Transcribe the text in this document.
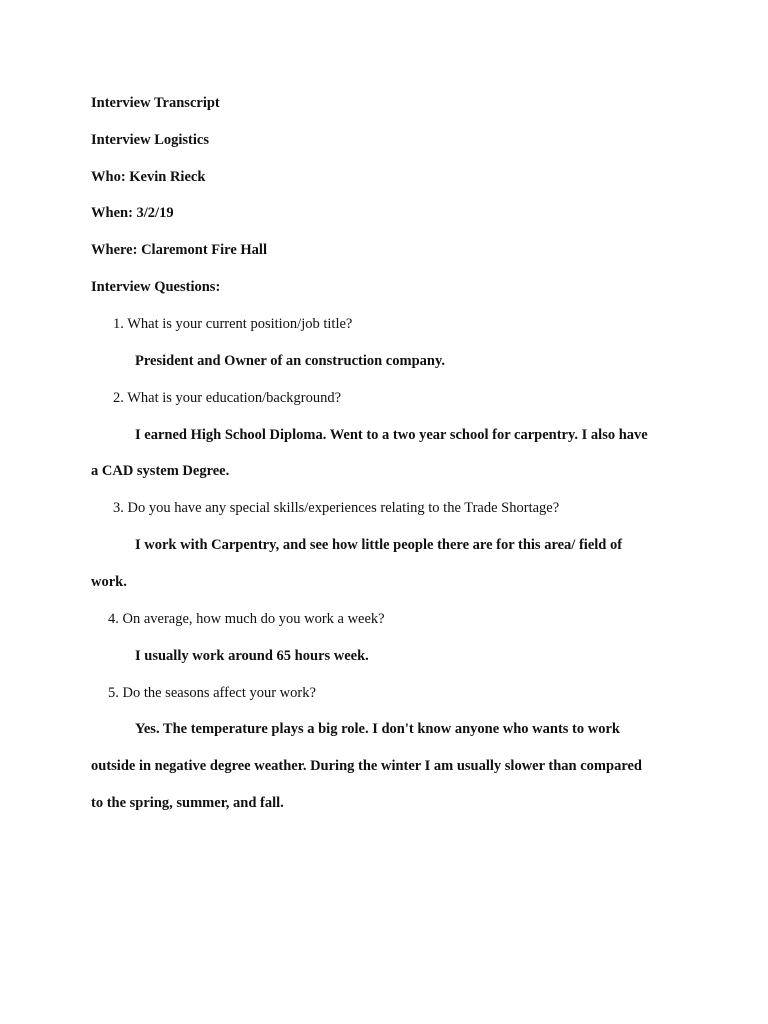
Interview Transcript
Interview Logistics
Who: Kevin Rieck
When: 3/2/19
Where: Claremont Fire Hall
Interview Questions:
1. What is your current position/job title?
President and Owner of an construction company.
2. What is your education/background?
I earned High School Diploma. Went to a two year school for carpentry. I also have
a CAD system Degree.
3. Do you have any special skills/experiences relating to the Trade Shortage?
I work with Carpentry, and see how little people there are for this area/ field of
work.
4. On average, how much do you work a week?
I usually work around 65 hours week.
5. Do the seasons affect your work?
Yes. The temperature plays a big role. I don't know anyone who wants to work
outside in negative degree weather. During the winter I am usually slower than compared
to the spring, summer, and fall.
